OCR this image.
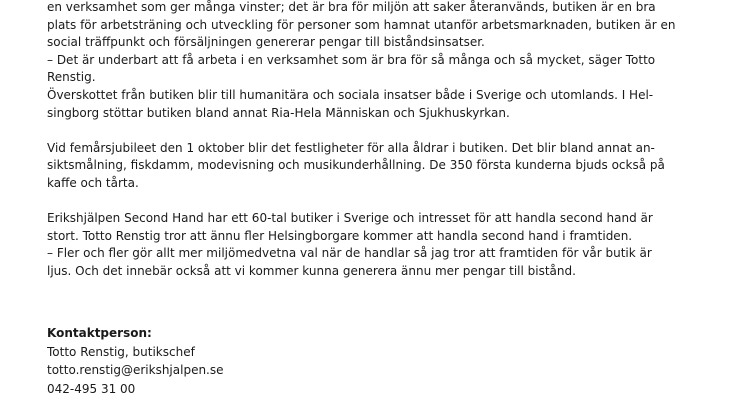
en verksamhet som ger många vinster; det är bra för miljön att saker återanvänds, butiken är en bra
plats för arbetsträning och utveckling för personer som hamnat utanför arbetsmarknaden, butiken är en
social träffpunkt och försäljningen genererar pengar till biståndsinsatser.
– Det är underbart att få arbeta i en verksamhet som är bra för så många och så mycket, säger Totto
Renstig.
Överskottet från butiken blir till humanitära och sociala insatser både i Sverige och utomlands. I Hel-
singborg stöttar butiken bland annat Ria-Hela Människan och Sjukhuskyrkan.
Vid femårsjubileet den 1 oktober blir det festligheter för alla åldrar i butiken. Det blir bland annat an-
siktsmålning, fiskdamm, modevisning och musikunderhållning. De 350 första kunderna bjuds också på
kaffe och tårta.
Erikshjälpen Second Hand har ett 60-tal butiker i Sverige och intresset för att handla second hand är
stort. Totto Renstig tror att ännu fler Helsingborgare kommer att handla second hand i framtiden.
– Fler och fler gör allt mer miljömedvetna val när de handlar så jag tror att framtiden för vår butik är
ljus. Och det innebär också att vi kommer kunna generera ännu mer pengar till bistånd.
Kontaktperson:
Totto Renstig, butikschef
totto.renstig@erikshjalpen.se
042-495 31 00
